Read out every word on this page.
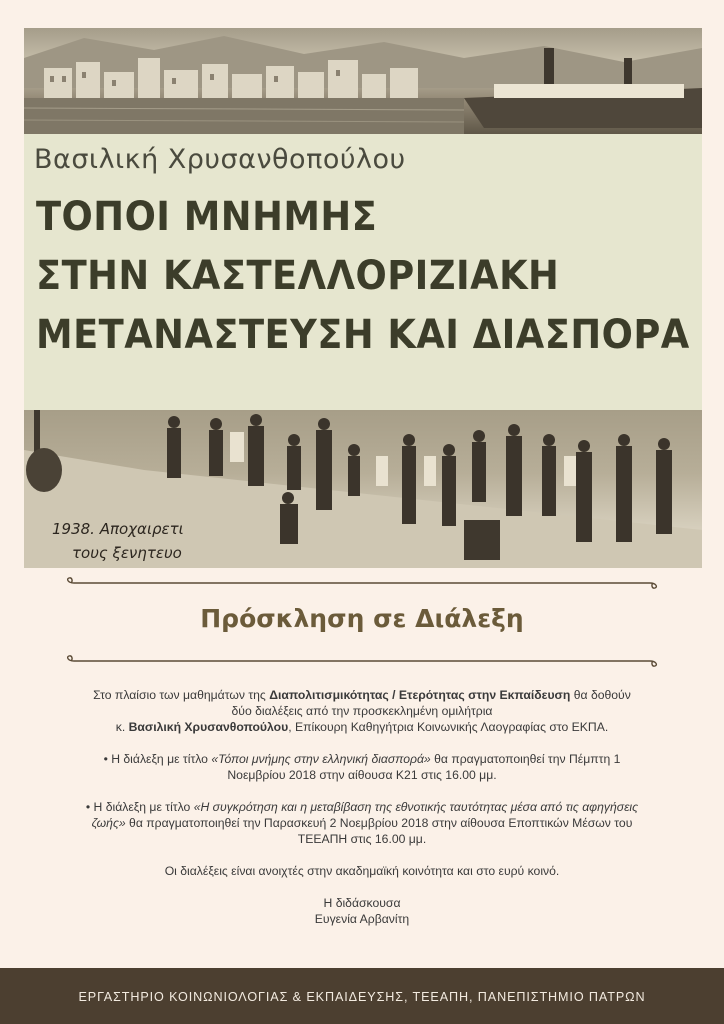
Βασιλική Χρυσανθοπούλου
ΤΟΠΟΙ ΜΝΗΜΗΣ
ΣΤΗΝ ΚΑΣΤΕΛΛΟΡΙΖΙΑΚΗ
ΜΕΤΑΝΑΣΤΕΥΣΗ ΚΑΙ ΔΙΑΣΠΟΡΑ
1938. Αποχαιρετι
τους ξενητευο
Πρόσκληση σε Διάλεξη

Στο πλαίσιο των μαθημάτων της Διαπολιτισμικότητας / Ετερότητας στην Εκπαίδευση θα δοθούν

δύο διαλέξεις από την προσκεκλημένη ομιλήτρια

κ. Βασιλική Χρυσανθοπούλου, Επίκουρη Καθηγήτρια Κοινωνικής Λαογραφίας στο ΕΚΠΑ.

• Η διάλεξη με τίτλο «Τόποι μνήμης στην ελληνική διασπορά» θα πραγματοποιηθεί την Πέμπτη 1

Νοεμβρίου 2018 στην αίθουσα Κ21 στις 16.00 μμ.

• Η διάλεξη με τίτλο «Η συγκρότηση και η μεταβίβαση της εθνοτικής ταυτότητας μέσα από τις αφηγήσεις

ζωής» θα πραγματοποιηθεί την Παρασκευή 2 Νοεμβρίου 2018 στην αίθουσα Εποπτικών Μέσων του

ΤΕΕΑΠΗ στις 16.00 μμ.

Οι διαλέξεις είναι ανοιχτές στην ακαδημαϊκή κοινότητα και στο ευρύ κοινό.

Η διδάσκουσα

Ευγενία Αρβανίτη

ΕΡΓΑΣΤΗΡΙΟ ΚΟΙΝΩΝΙΟΛΟΓΙΑΣ & ΕΚΠΑΙΔΕΥΣΗΣ, ΤΕΕΑΠΗ, ΠΑΝΕΠΙΣΤΗΜΙΟ ΠΑΤΡΩΝ
